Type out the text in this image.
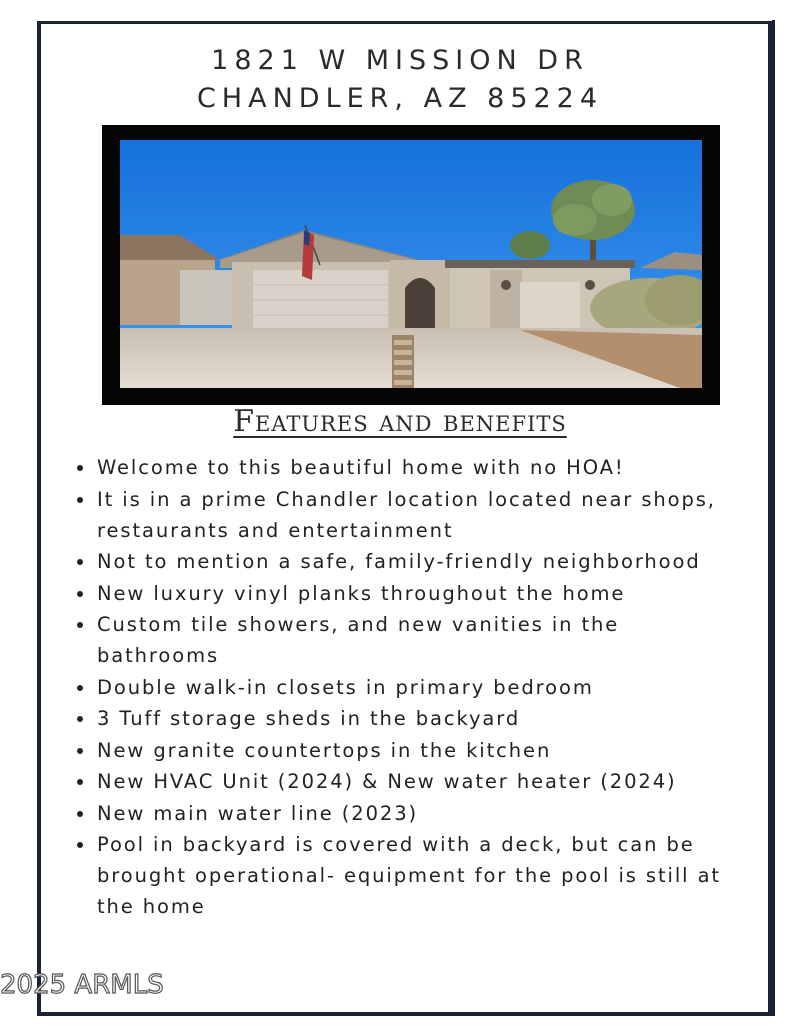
1821 W MISSION DR
CHANDLER, AZ 85224
Features and benefits
Welcome to this beautiful home with no HOA!
It is in a prime Chandler location located near shops, restaurants and entertainment
Not to mention a safe, family-friendly neighborhood
New luxury vinyl planks throughout the home
Custom tile showers, and new vanities in the bathrooms
Double walk-in closets in primary bedroom
3 Tuff storage sheds in the backyard
New granite countertops in the kitchen
New HVAC Unit (2024) & New water heater (2024)
New main water line (2023)
Pool in backyard is covered with a deck, but can be brought operational- equipment for the pool is still at the home
2025 ARMLS
